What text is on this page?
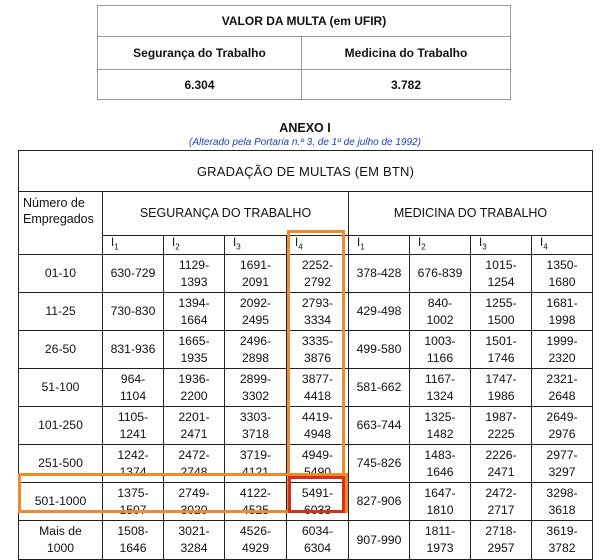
VALOR DA MULTA (em UFIR)	
Segurança do Trabalho	Medicina do Trabalho
6.304	3.782
ANEXO I
(Alterado pela Portaria n.º 3, de 1º de julho de 1992)
GRADAÇÃO DE MULTAS (EM BTN)								
Número de
Empregados	SEGURANÇA DO TRABALHO				MEDICINA DO TRABALHO			
	$I_1$	$I_2$	$I_3$	$I_4$	$I_1$	$I_2$	$I_3$	$I_4$
01-10	630-729	1129-
1393	1691-
2091	2252-
2792	378-428	676-839	1015-
1254	1350-
1680
11-25	730-830	1394-
1664	2092-
2495	2793-
3334	429-498	840-
1002	1255-
1500	1681-
1998
26-50	831-936	1665-
1935	2496-
2898	3335-
3876	499-580	1003-
1166	1501-
1746	1999-
2320
51-100	964-
1104	1936-
2200	2899-
3302	3877-
4418	581-662	1167-
1324	1747-
1986	2321-
2648
101-250	1105-
1241	2201-
2471	3303-
3718	4419-
4948	663-744	1325-
1482	1987-
2225	2649-
2976
251-500	1242-
1374	2472-
2748	3719-
4121	4949-
5490	745-826	1483-
1646	2226-
2471	2977-
3297
501-1000	1375-
1507	2749-
3020	4122-
4525	5491-
6033	827-906	1647-
1810	2472-
2717	3298-
3618
Mais de
1000	1508-
1646	3021-
3284	4526-
4929	6034-
6304	907-990	1811-
1973	2718-
2957	3619-
3782
